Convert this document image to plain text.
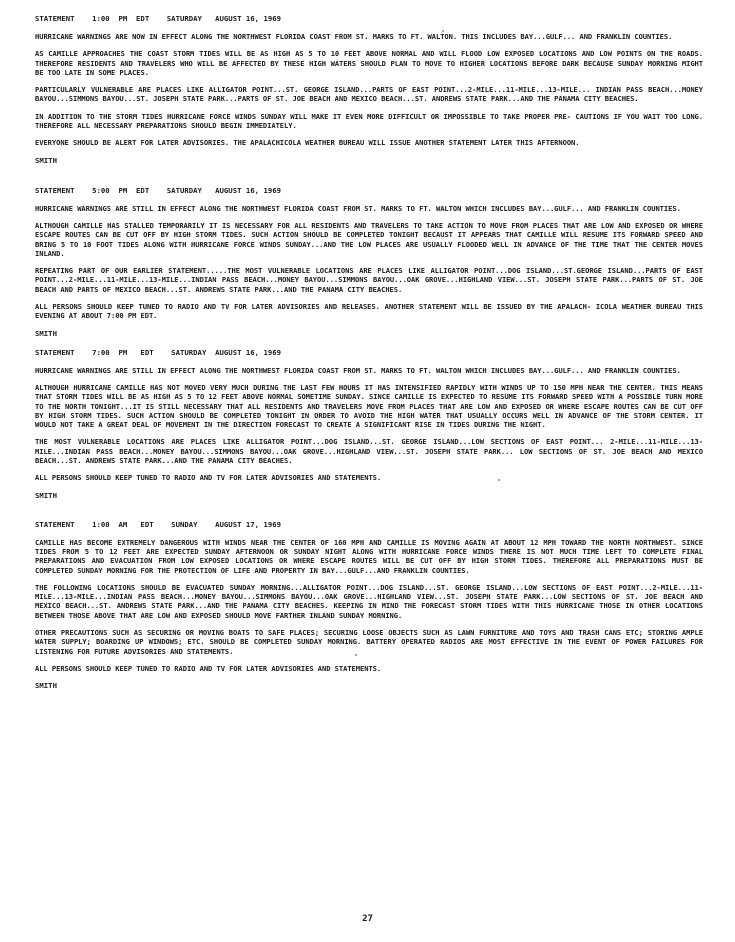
STATEMENT    1:00  PM  EDT    SATURDAY   AUGUST 16, 1969

HURRICANE WARNINGS ARE NOW IN EFFECT ALONG THE NORTHWEST FLORIDA COAST FROM ST. MARKS TO FT. WALTON. THIS INCLUDES BAY...GULF... AND FRANKLIN COUNTIES.

AS CAMILLE APPROACHES THE COAST STORM TIDES WILL BE AS HIGH AS 5 TO 10 FEET ABOVE NORMAL AND WILL FLOOD LOW EXPOSED LOCATIONS AND LOW POINTS ON THE ROADS. THEREFORE RESIDENTS AND TRAVELERS WHO WILL BE AFFECTED BY THESE HIGH WATERS SHOULD PLAN TO MOVE TO HIGHER LOCATIONS BEFORE DARK BECAUSE SUNDAY MORNING MIGHT BE TOO LATE IN SOME PLACES.

PARTICULARLY VULNERABLE ARE PLACES LIKE ALLIGATOR POINT...ST. GEORGE ISLAND...PARTS OF EAST POINT...2-MILE...11-MILE...13-MILE... INDIAN PASS BEACH...MONEY BAYOU...SIMMONS BAYOU...ST. JOSEPH STATE PARK...PARTS OF ST. JOE BEACH AND MEXICO BEACH...ST. ANDREWS STATE PARK...AND THE PANAMA CITY BEACHES.

IN ADDITION TO THE STORM TIDES HURRICANE FORCE WINDS SUNDAY WILL MAKE IT EVEN MORE DIFFICULT OR IMPOSSIBLE TO TAKE PROPER PRE- CAUTIONS IF YOU WAIT TOO LONG. THEREFORE ALL NECESSARY PREPARATIONS SHOULD BEGIN IMMEDIATELY.

EVERYONE SHOULD BE ALERT FOR LATER ADVISORIES. THE APALACHICOLA WEATHER BUREAU WILL ISSUE ANOTHER STATEMENT LATER THIS AFTERNOON.

SMITH
STATEMENT    5:00  PM  EDT    SATURDAY   AUGUST 16, 1969

HURRICANE WARNINGS ARE STILL IN EFFECT ALONG THE NORTHWEST FLORIDA COAST FROM ST. MARKS TO FT. WALTON WHICH INCLUDES BAY...GULF... AND FRANKLIN COUNTIES.

ALTHOUGH CAMILLE HAS STALLED TEMPORARILY IT IS NECESSARY FOR ALL RESIDENTS AND TRAVELERS TO TAKE ACTION TO MOVE FROM PLACES THAT ARE LOW AND EXPOSED OR WHERE ESCAPE ROUTES CAN BE CUT OFF BY HIGH STORM TIDES. SUCH ACTION SHOULD BE COMPLETED TONIGHT BECAUST IT APPEARS THAT CAMILLE WILL RESUME ITS FORWARD SPEED AND BRING 5 TO 10 FOOT TIDES ALONG WITH HURRICANE FORCE WINDS SUNDAY...AND THE LOW PLACES ARE USUALLY FLOODED WELL IN ADVANCE OF THE TIME THAT THE CENTER MOVES INLAND.

REPEATING PART OF OUR EARLIER STATEMENT.....THE MOST VULNERABLE LOCATIONS ARE PLACES LIKE ALLIGATOR POINT...DOG ISLAND...ST.GEORGE ISLAND...PARTS OF EAST POINT...2-MILE...11-MILE...13-MILE...INDIAN PASS BEACH...MONEY BAYOU...SIMMONS BAYOU...OAK GROVE...HIGHLAND VIEW...ST. JOSEPH STATE PARK...PARTS OF ST. JOE BEACH AND PARTS OF MEXICO BEACH...ST. ANDREWS STATE PARK...AND THE PANAMA CITY BEACHES.

ALL PERSONS SHOULD KEEP TUNED TO RADIO AND TV FOR LATER ADVISORIES AND RELEASES. ANOTHER STATEMENT WILL BE ISSUED BY THE APALACH- ICOLA WEATHER BUREAU THIS EVENING AT ABOUT 7:00 PM EDT.

SMITH
STATEMENT    7:00  PM   EDT    SATURDAY  AUGUST 16, 1969

HURRICANE WARNINGS ARE STILL IN EFFECT ALONG THE NORTHWEST FLORIDA COAST FROM ST. MARKS TO FT. WALTON WHICH INCLUDES BAY...GULF... AND FRANKLIN COUNTIES.

ALTHOUGH HURRICANE CAMILLE HAS NOT MOVED VERY MUCH DURING THE LAST FEW HOURS IT HAS INTENSIFIED RAPIDLY WITH WINDS UP TO 150 MPH NEAR THE CENTER. THIS MEANS THAT STORM TIDES WILL BE AS HIGH AS 5 TO 12 FEET ABOVE NORMAL SOMETIME SUNDAY. SINCE CAMILLE IS EXPECTED TO RESUME ITS FORWARD SPEED WITH A POSSIBLE TURN MORE TO THE NORTH TONIGHT...IT IS STILL NECESSARY THAT ALL RESIDENTS AND TRAVELERS MOVE FROM PLACES THAT ARE LOW AND EXPOSED OR WHERE ESCAPE ROUTES CAN BE CUT OFF BY HIGH STORM TIDES. SUCH ACTION SHOULD BE COMPLETED TONIGHT IN ORDER TO AVOID THE HIGH WATER THAT USUALLY OCCURS WELL IN ADVANCE OF THE STORM CENTER. IT WOULD NOT TAKE A GREAT DEAL OF MOVEMENT IN THE DIRECTION FORECAST TO CREATE A SIGNIFICANT RISE IN TIDES DURING THE NIGHT.

THE MOST VULNERABLE LOCATIONS ARE PLACES LIKE ALLIGATOR POINT...DOG ISLAND...ST. GEORGE ISLAND...LOW SECTIONS OF EAST POINT... 2-MILE...11-MILE...13-MILE...INDIAN PASS BEACH...MONEY BAYOU...SIMMONS BAYOU...OAK GROVE...HIGHLAND VIEW...ST. JOSEPH STATE PARK... LOW SECTIONS OF ST. JOE BEACH AND MEXICO BEACH...ST. ANDREWS STATE PARK...AND THE PANAMA CITY BEACHES.

ALL PERSONS SHOULD KEEP TUNED TO RADIO AND TV FOR LATER ADVISORIES AND STATEMENTS.

SMITH
STATEMENT    1:00  AM   EDT    SUNDAY    AUGUST 17, 1969

CAMILLE HAS BECOME EXTREMELY DANGEROUS WITH WINDS NEAR THE CENTER OF 160 MPH AND CAMILLE IS MOVING AGAIN AT ABOUT 12 MPH TOWARD THE NORTH NORTHWEST. SINCE TIDES FROM 5 TO 12 FEET ARE EXPECTED SUNDAY AFTERNOON OR SUNDAY NIGHT ALONG WITH HURRICANE FORCE WINDS THERE IS NOT MUCH TIME LEFT TO COMPLETE FINAL PREPARATIONS AND EVACUATION FROM LOW EXPOSED LOCATIONS OR WHERE ESCAPE ROUTES WILL BE CUT OFF BY HIGH STORM TIDES. THEREFORE ALL PREPARATIONS MUST BE COMPLETED SUNDAY MORNING FOR THE PROTECTION OF LIFE AND PROPERTY IN BAY...GULF...AND FRANKLIN COUNTIES.

THE FOLLOWING LOCATIONS SHOULD BE EVACUATED SUNDAY MORNING...ALLIGATOR POINT...DOG ISLAND...ST. GEORGE ISLAND...LOW SECTIONS OF EAST POINT...2-MILE...11-MILE...13-MILE...INDIAN PASS BEACH...MONEY BAYOU...SIMMONS BAYOU...OAK GROVE...HIGHLAND VIEW...ST. JOSEPH STATE PARK...LOW SECTIONS OF ST. JOE BEACH AND MEXICO BEACH...ST. ANDREWS STATE PARK...AND THE PANAMA CITY BEACHES. KEEPING IN MIND THE FORECAST STORM TIDES WITH THIS HURRICANE THOSE IN OTHER LOCATIONS BETWEEN THOSE ABOVE THAT ARE LOW AND EXPOSED SHOULD MOVE FARTHER INLAND SUNDAY MORNING.

OTHER PRECAUTIONS SUCH AS SECURING OR MOVING BOATS TO SAFE PLACES; SECURING LOOSE OBJECTS SUCH AS LAWN FURNITURE AND TOYS AND TRASH CANS ETC; STORING AMPLE WATER SUPPLY; BOARDING UP WINDOWS; ETC. SHOULD BE COMPLETED SUNDAY MORNING. BATTERY OPERATED RADIOS ARE MOST EFFECTIVE IN THE EVENT OF POWER FAILURES FOR LISTENING FOR FUTURE ADVISORIES AND STATEMENTS.

ALL PERSONS SHOULD KEEP TUNED TO RADIO AND TV FOR LATER ADVISORIES AND STATEMENTS.

SMITH
27
